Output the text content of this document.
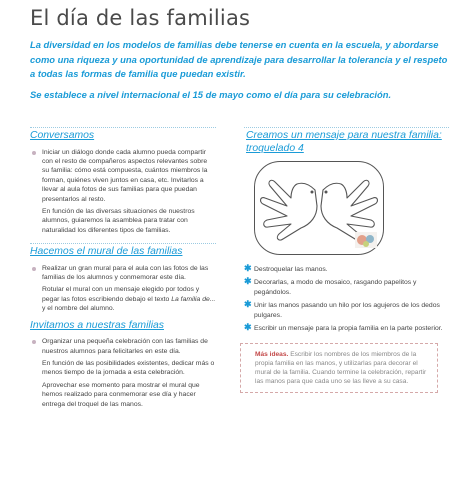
El día de las familias

La diversidad en los modelos de familias debe tenerse en cuenta en la escuela, y abordarse como una riqueza y una oportunidad de aprendizaje para desarrollar la tolerancia y el respeto a todas las formas de familia que puedan existir.

Se establece a nivel internacional el 15 de mayo como el día para su celebración.

Conversamos
Iniciar un diálogo donde cada alumno pueda compartir con el resto de compañeros aspectos relevantes sobre su familia: cómo está compuesta, cuántos miembros la forman, quiénes viven juntos en casa, etc. Invitarlos a llevar al aula fotos de sus familias para que puedan presentarlos al resto.
En función de las diversas situaciones de nuestros alumnos, guiaremos la asamblea para tratar con naturalidad los diferentes tipos de familias.
Hacemos el mural de las familias
Realizar un gran mural para el aula con las fotos de las familias de los alumnos y conmemorar este día.
Rotular el mural con un mensaje elegido por todos y pegar las fotos escribiendo debajo el texto La familia de... y el nombre del alumno.
Invitamos a nuestras familias
Organizar una pequeña celebración con las familias de nuestros alumnos para felicitarles en este día.
En función de las posibilidades existentes, dedicar más o menos tiempo de la jornada a esta celebración.
Aprovechar ese momento para mostrar el mural que hemos realizado para conmemorar ese día y hacer entrega del troquel de las manos.
Creamos un mensaje para nuestra familia: troquelado 4
✱ Destroquelar las manos.
✱ Decorarlas, a modo de mosaico, rasgando papelitos y pegándolos.
✱ Unir las manos pasando un hilo por los agujeros de los dedos pulgares.
✱ Escribir un mensaje para la propia familia en la parte posterior.
Más ideas. Escribir los nombres de los miembros de la propia familia en las manos, y utilizarlas para decorar el mural de la familia. Cuando termine la celebración, repartir las manos para que cada uno se las lleve a su casa.
